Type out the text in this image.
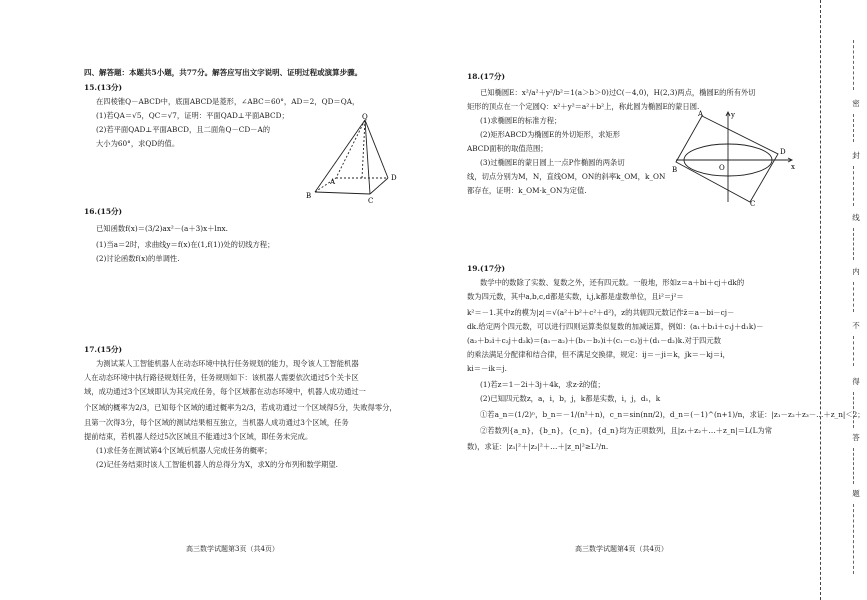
四、解答题：本题共5小题，共77分。解答应写出文字说明、证明过程或演算步骤。
15.(13分)
在四棱锥Q－ABCD中，底面ABCD是菱形，∠ABC＝60°，AD＝2，QD＝QA，
(1)若QA＝√5，QC＝√7，证明：平面QAD⊥平面ABCD；
(2)若平面QAD⊥平面ABCD，且二面角Q－CD－A的
大小为60°，求QD的值。
Q
A
B
C
D
16.(15分)
已知函数f(x)＝(3/2)ax²－(a＋3)x＋lnx.
(1)当a＝2时，求曲线y＝f(x)在(1,f(1))处的切线方程；
(2)讨论函数f(x)的单调性.
17.(15分)
为测试某人工智能机器人在动态环境中执行任务规划的能力，现令该人工智能机器
人在动态环境中执行路径规划任务，任务规则如下：该机器人需要依次通过5个关卡区
域，成功通过3个区域即认为其完成任务，每个区域都在动态环境中，机器人成功通过一
个区域的概率为2/3，已知每个区域的通过概率为2/3，若成功通过一个区域得5分，失败得零分，
且第一次得3分，每个区域的测试结果相互独立，当机器人成功通过3个区域，任务
提前结束，若机器人经过5次区域且不能通过3个区域，即任务未完成。
(1)求任务在测试第4个区域后机器人完成任务的概率；
(2)记任务结束时该人工智能机器人的总得分为X，求X的分布列和数学期望.
高三数学试题第3页（共4页）
18.(17分)
已知椭圆E：x²/a²＋y²/b²＝1(a＞b＞0)过C(－4,0)，H(2,3)两点，椭圆E的所有外切
矩形的顶点在一个定圆Q：x²＋y²＝a²＋b²上，称此圆为椭圆E的蒙日圆.
(1)求椭圆E的标准方程；
(2)矩形ABCD为椭圆E的外切矩形，求矩形
ABCD面积的取值范围；
(3)过椭圆E的蒙日圆上一点P作椭圆的两条切
线，切点分别为M，N，直线OM，ON的斜率k_OM，k_ON
都存在，证明：k_OM·k_ON为定值.
A
B
C
D
O	x
y
19.(17分)
数学中的数除了实数、复数之外，还有四元数。一般地，形如z＝a＋bi＋cj＋dk的
数为四元数，其中a,b,c,d都是实数，i,j,k都是虚数单位，且i²＝j²＝
k²＝－1.其中z的模为|z|＝√(a²＋b²＋c²＋d²)，z的共轭四元数记作z̄＝a－bi－cj－
dk.给定两个四元数，可以进行四则运算类似复数的加减运算，例如：(a₁＋b₁i＋c₁j＋d₁k)－
(a₂＋b₂i＋c₂j＋d₂k)＝(a₁－a₂)＋(b₁－b₂)i＋(c₁－c₂)j＋(d₁－d₂)k.对于四元数
的乘法满足分配律和结合律，但不满足交换律，规定：ij＝－ji＝k，jk＝－kj＝i，
ki＝－ik＝j.
(1)若z＝1－2i＋3j＋4k，求z·z̄的值；
(2)已知四元数z，a，i，b，j，k都是实数，i，j，d₁，k
①若a_n＝(1/2)ⁿ，b_n＝－1/(n²＋n)，c_n＝sin(nπ/2)，d_n＝(－1)^(n+1)/n，求证：|z₁－z₂＋z₃－…＋z_n|＜2；
②若数列{a_n}，{b_n}，{c_n}，{d_n}均为正项数列，且|z₁＋z₂＋…＋z_n|＝L(L为常
数)，求证：|z₁|²＋|z₂|²＋…＋|z_n|²≥L²/n.
高三数学试题第4页（共4页）
密
封
线
内
不
得
答
题
